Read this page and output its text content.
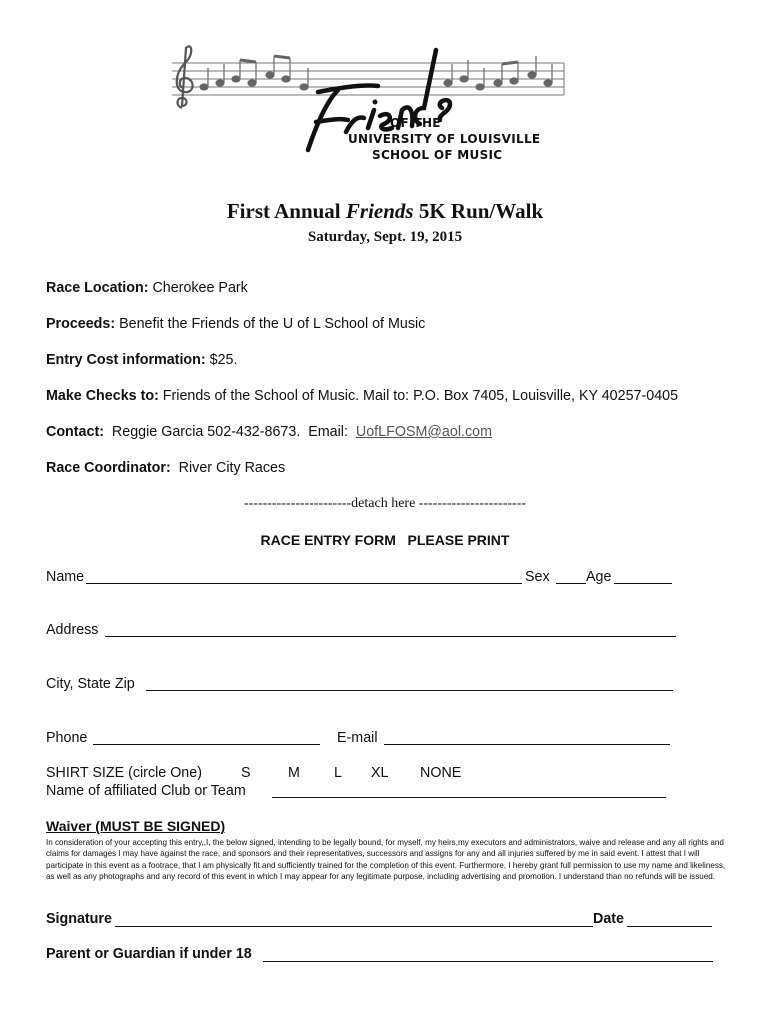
OF THE
UNIVERSITY OF LOUISVILLE
SCHOOL OF MUSIC
First Annual Friends 5K Run/Walk
Saturday, Sept. 19, 2015
Race Location: Cherokee Park
Proceeds: Benefit the Friends of the U of L School of Music
Entry Cost information: $25.
Make Checks to: Friends of the School of Music. Mail to: P.O. Box 7405, Louisville, KY 40257-0405
Contact:  Reggie Garcia 502-432-8673.  Email:  UofLFOSM@aol.com
Race Coordinator:  River City Races
-----------------------detach here -----------------------
RACE ENTRY FORM   PLEASE PRINT
Name	Sex	Age
Address
City, State Zip
Phone	E-mail
SHIRT SIZE (circle One)	S	M L XL NONE
Name of affiliated Club or Team
Waiver (MUST BE SIGNED)
In consideration of your accepting this entry,,I, the below signed, intending to be legally bound, for myself, my heirs,my executors and administrators, waive and release and any all rights and claims for damages I may have against the race, and sponsors and their representatives, successors and assigns for any and all injuries suffered by me in said event. I attest that I will participate in this event as a footrace, that I am physically fit and sufficiently trained for the completion of this event. Furthermore, I hereby grant full permission to use my name and likeliness, as well as any photographs and any record of this event in which I may appear for any legitimate purpose, including advertising and promotion. I understand than no refunds will be issued.
Signature	Date
Parent or Guardian if under 18
